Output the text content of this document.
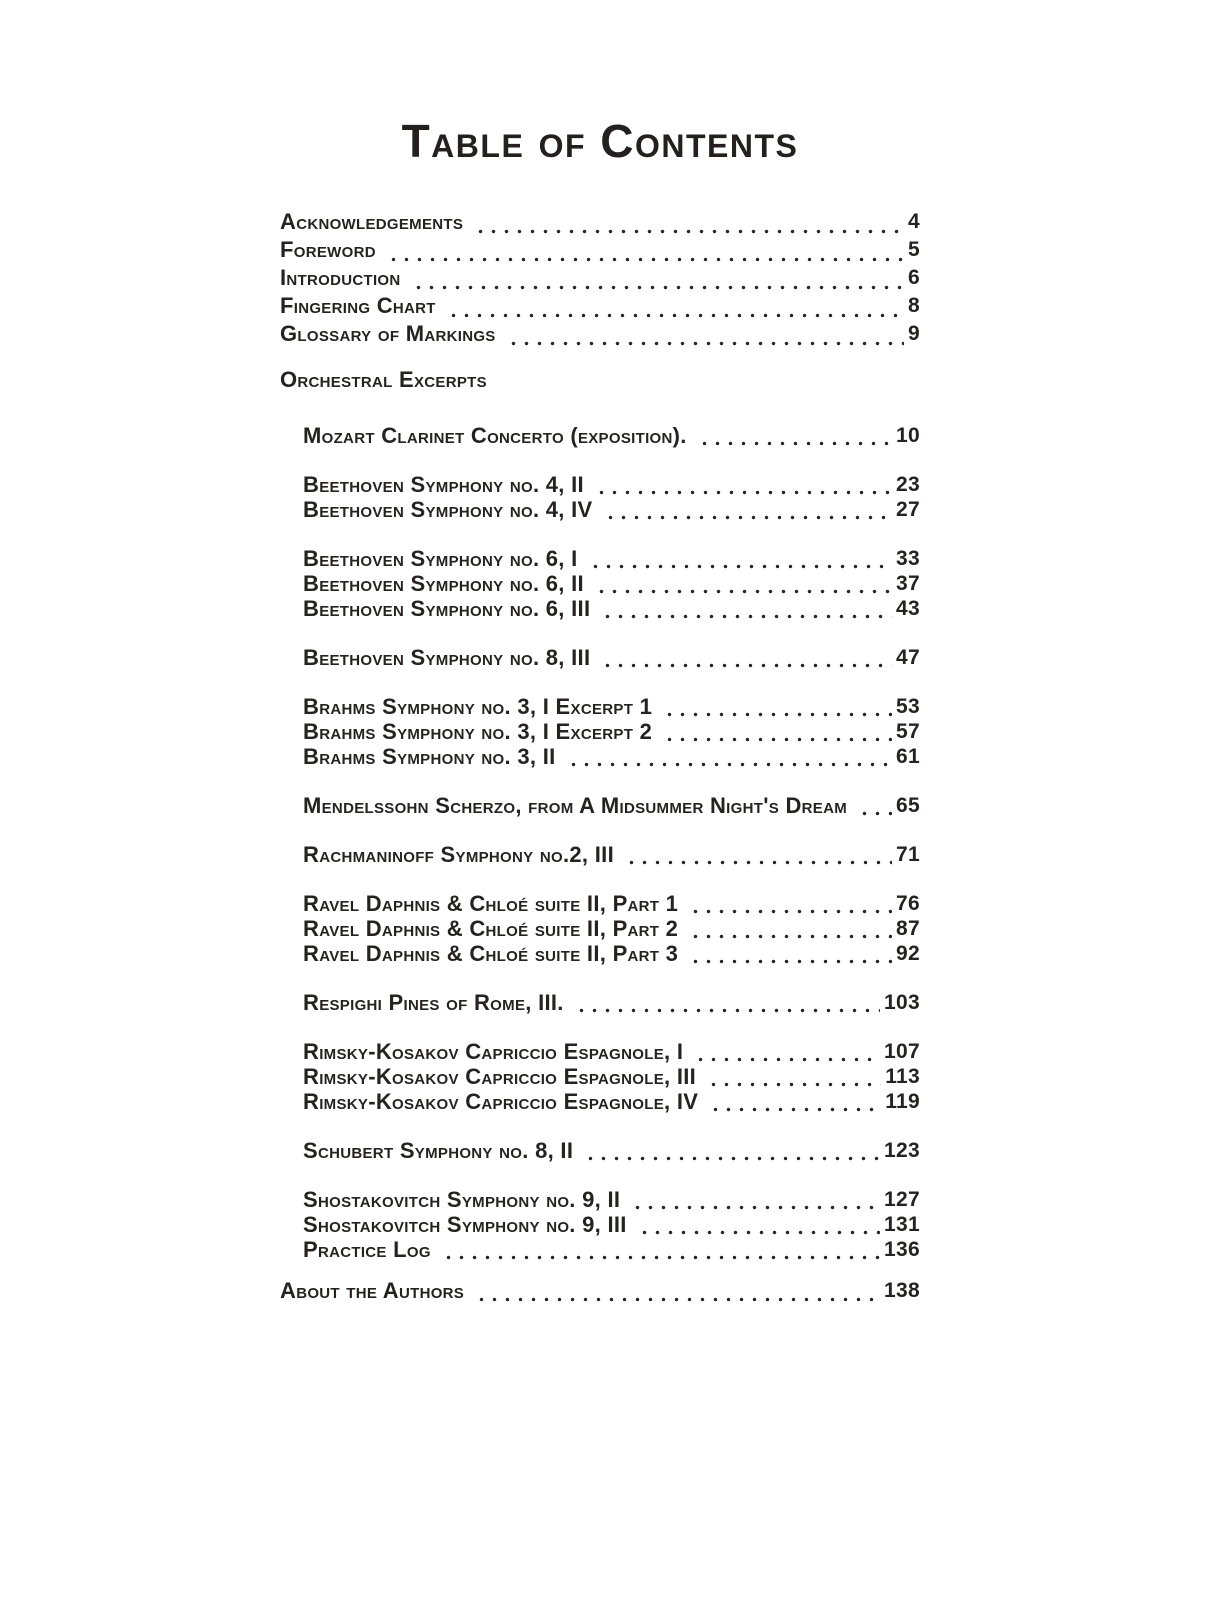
Table of Contents
Acknowledgements	4
Foreword	5
Introduction	6
Fingering Chart	8
Glossary of Markings	9
Orchestral Excerpts
Mozart Clarinet Concerto (exposition).	10
Beethoven Symphony no. 4, II	23
Beethoven Symphony no. 4, IV	27
Beethoven Symphony no. 6, I	33
Beethoven Symphony no. 6, II	37
Beethoven Symphony no. 6, III	43
Beethoven Symphony no. 8, III	47
Brahms Symphony no. 3, I Excerpt 1	53
Brahms Symphony no. 3, I Excerpt 2	57
Brahms Symphony no. 3, II	61
Mendelssohn Scherzo, from A Midsummer Night's Dream 65
Rachmaninoff Symphony no.2, III	71
Ravel Daphnis & Chloé suite II, Part 1	76
Ravel Daphnis & Chloé suite II, Part 2	87
Ravel Daphnis & Chloé suite II, Part 3	92
Respighi Pines of Rome, III.	103
Rimsky-Kosakov Capriccio Espagnole, I	107
Rimsky-Kosakov Capriccio Espagnole, III	113
Rimsky-Kosakov Capriccio Espagnole, IV	119
Schubert Symphony no. 8, II	123
Shostakovitch Symphony no. 9, II	127
Shostakovitch Symphony no. 9, III	131
Practice Log	136
About the Authors	138
